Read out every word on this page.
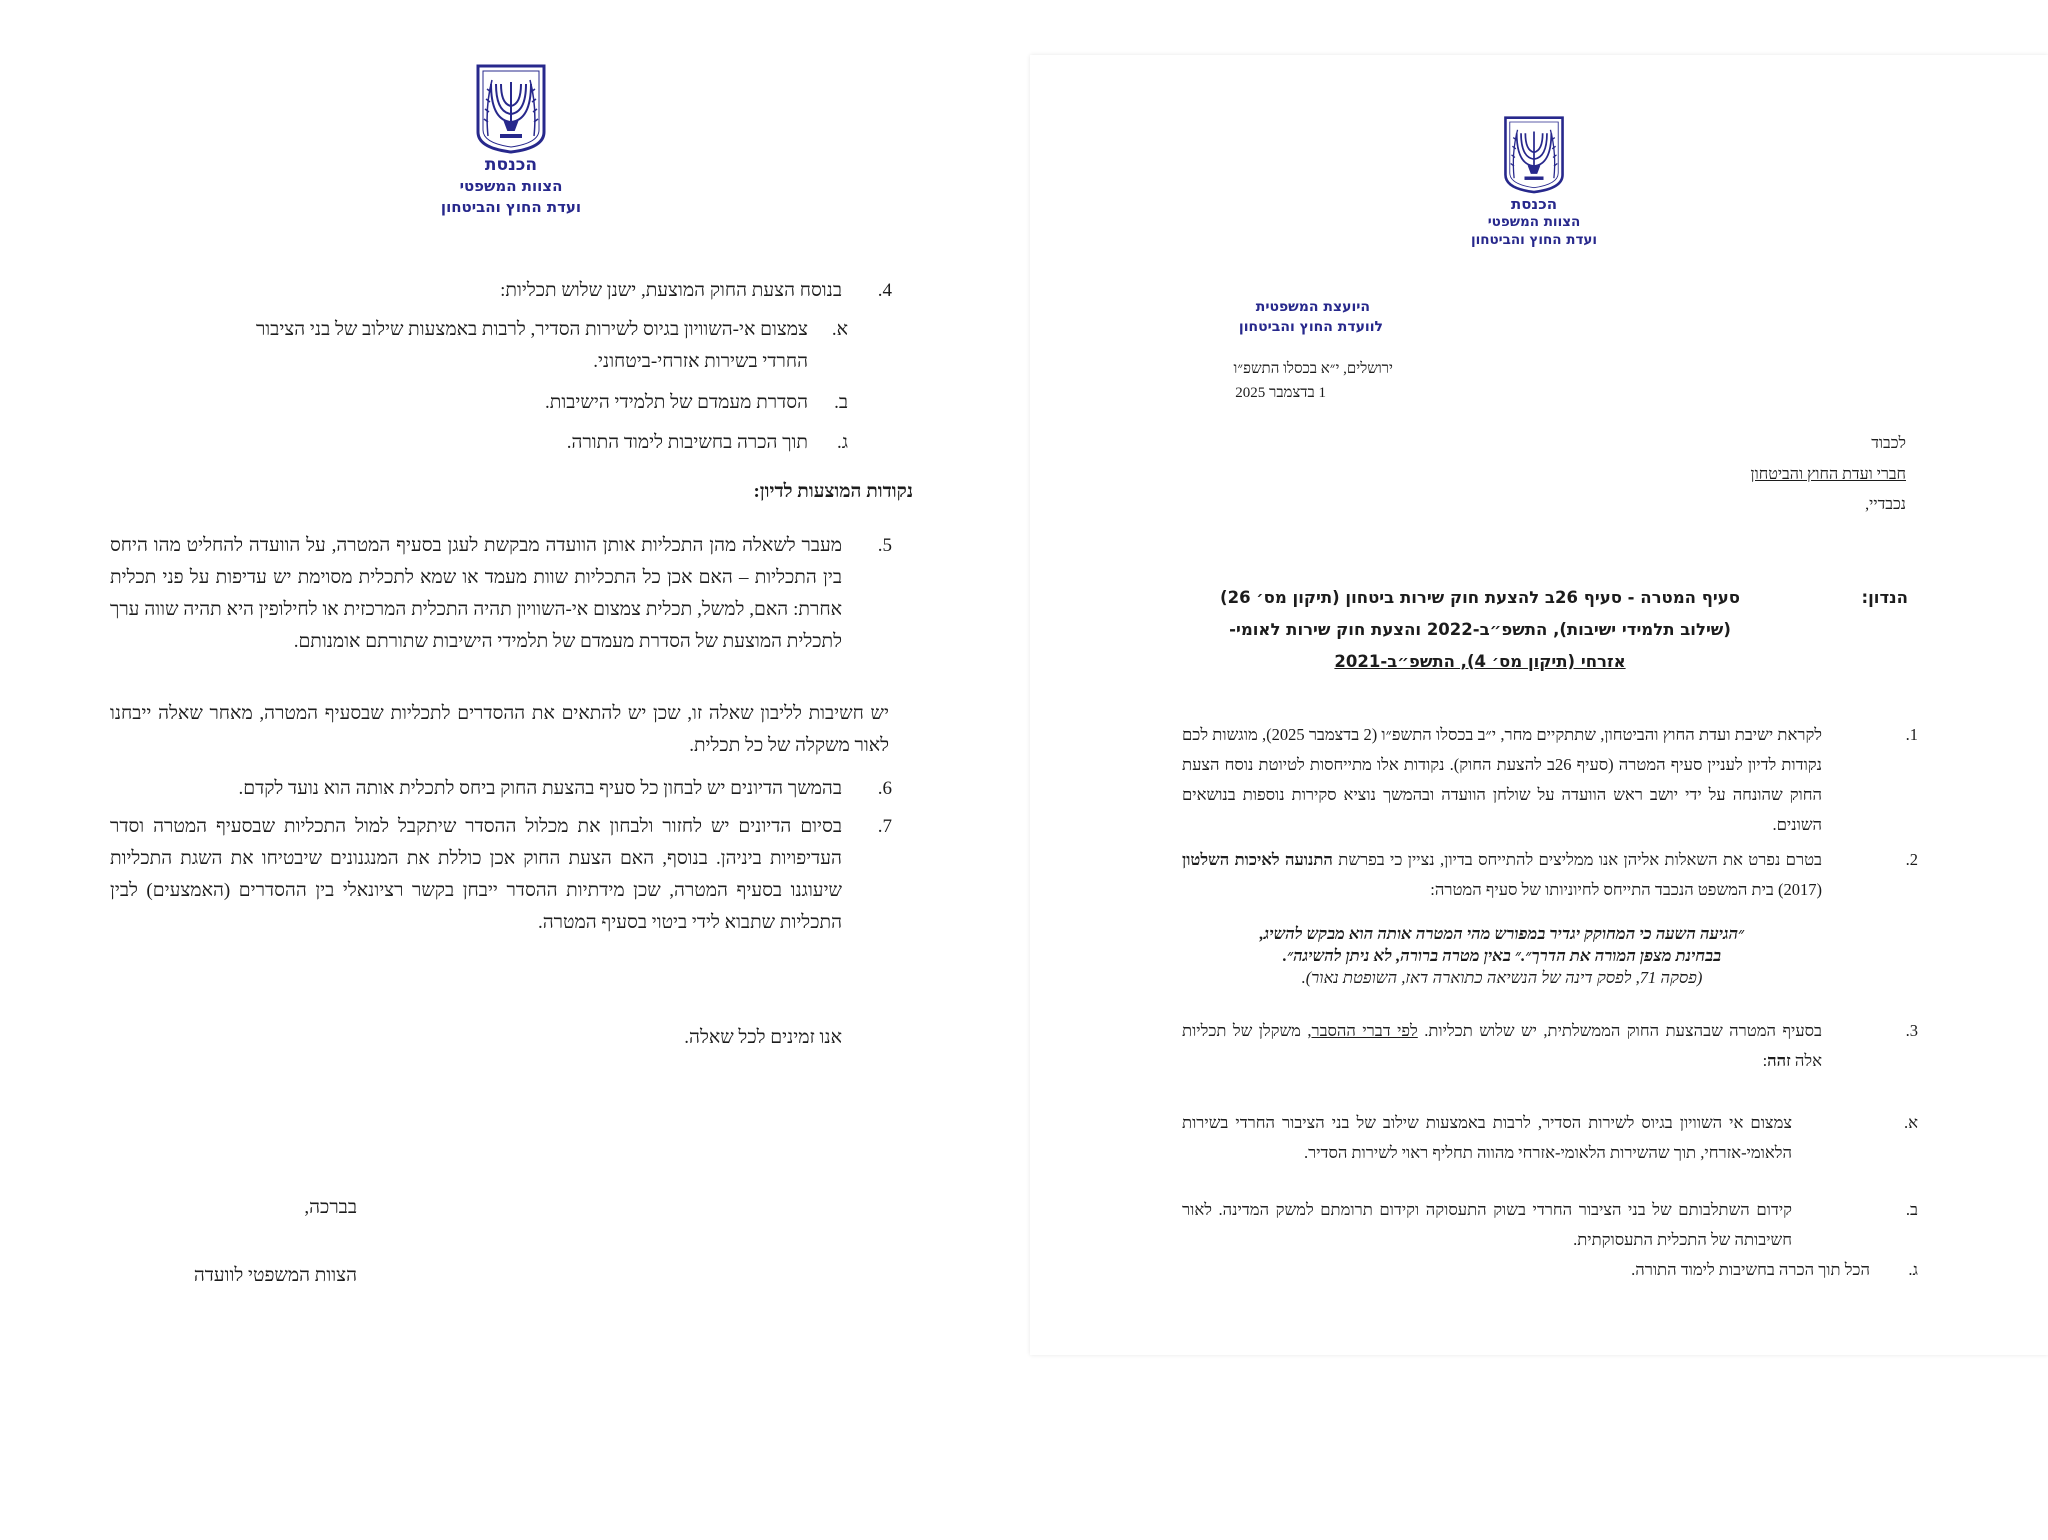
הכנסת
הצוות המשפטי
ועדת החוץ והביטחון
4.
בנוסח הצעת החוק המוצעת, ישנן שלוש תכליות:
א.
צמצום אי-השוויון בגיוס לשירות הסדיר, לרבות באמצעות שילוב של בני הציבור
החרדי בשירות אזרחי-ביטחוני.
ב.
הסדרת מעמדם של תלמידי הישיבות.
ג.
תוך הכרה בחשיבות לימוד התורה.
נקודות המוצעות לדיון:
5.
מעבר לשאלה מהן התכליות אותן הוועדה מבקשת לעגן בסעיף המטרה, על הוועדה להחליט מהו היחס בין התכליות – האם אכן כל התכליות שוות מעמד או שמא לתכלית מסוימת יש עדיפות על פני תכלית אחרת: האם, למשל, תכלית צמצום אי-השוויון תהיה התכלית המרכזית או לחילופין היא תהיה שווה ערך לתכלית המוצעת של הסדרת מעמדם של תלמידי הישיבות שתורתם אומנותם.
יש חשיבות לליבון שאלה זו, שכן יש להתאים את ההסדרים לתכליות שבסעיף המטרה, מאחר שאלה ייבחנו לאור משקלה של כל תכלית.
6.
בהמשך הדיונים יש לבחון כל סעיף בהצעת החוק ביחס לתכלית אותה הוא נועד לקדם.
7.
בסיום הדיונים יש לחזור ולבחון את מכלול ההסדר שיתקבל למול התכליות שבסעיף המטרה וסדר העדיפויות ביניהן. בנוסף, האם הצעת החוק אכן כוללת את המנגנונים שיבטיחו את השגת התכליות שיעוגנו בסעיף המטרה, שכן מידתיות ההסדר ייבחן בקשר רציונאלי בין ההסדרים (האמצעים) לבין התכליות שתבוא לידי ביטוי בסעיף המטרה.
אנו זמינים לכל שאלה.
בברכה,
הצוות המשפטי לוועדה
הכנסת
הצוות המשפטי
ועדת החוץ והביטחון
היועצת המשפטית
לוועדת החוץ והביטחון
ירושלים, י״א בכסלו התשפ״ו
1 בדצמבר 2025
לכבוד
חברי ועדת החוץ והביטחון
נכבדיי,
הנדון:
סעיף המטרה - סעיף 26ב להצעת חוק שירות ביטחון (תיקון מס׳ 26)
(שילוב תלמידי ישיבות), התשפ״ב-2022 והצעת חוק שירות לאומי-
אזרחי (תיקון מס׳ 4), התשפ״ב-2021
1.
לקראת ישיבת ועדת החוץ והביטחון, שתתקיים מחר, י״ב בכסלו התשפ״ו (2 בדצמבר 2025), מוגשות לכם נקודות לדיון לעניין סעיף המטרה (סעיף 26ב להצעת החוק). נקודות אלו מתייחסות לטיוטת נוסח הצעת החוק שהונחה על ידי יושב ראש הוועדה על שולחן הוועדה ובהמשך נוציא סקירות נוספות בנושאים השונים.
2.
בטרם נפרט את השאלות אליהן אנו ממליצים להתייחס בדיון, נציין כי בפרשת התנועה לאיכות השלטון (2017) בית המשפט הנכבד התייחס לחיוניותו של סעיף המטרה:
״הגיעה השעה כי המחוקק יגדיר במפורש מהי המטרה אותה הוא מבקש להשיג,
בבחינת מצפן המורה את הדרך״.״ באין מטרה ברורה, לא ניתן להשיגה״.
(פסקה 71, לפסק דינה של הנשיאה כתוארה דאז, השופטת נאור).
3.
בסעיף המטרה שבהצעת החוק הממשלתית, יש שלוש תכליות. לפי דברי ההסבר, משקלן של תכליות אלה זהה:
א.
צמצום אי השוויון בגיוס לשירות הסדיר, לרבות באמצעות שילוב של בני הציבור החרדי בשירות הלאומי-אזרחי, תוך שהשירות הלאומי-אזרחי מהווה תחליף ראוי לשירות הסדיר.
ב.
קידום השתלבותם של בני הציבור החרדי בשוק התעסוקה וקידום תרומתם למשק המדינה. לאור חשיבותה של התכלית התעסוקתית.
ג.
הכל תוך הכרה בחשיבות לימוד התורה.
